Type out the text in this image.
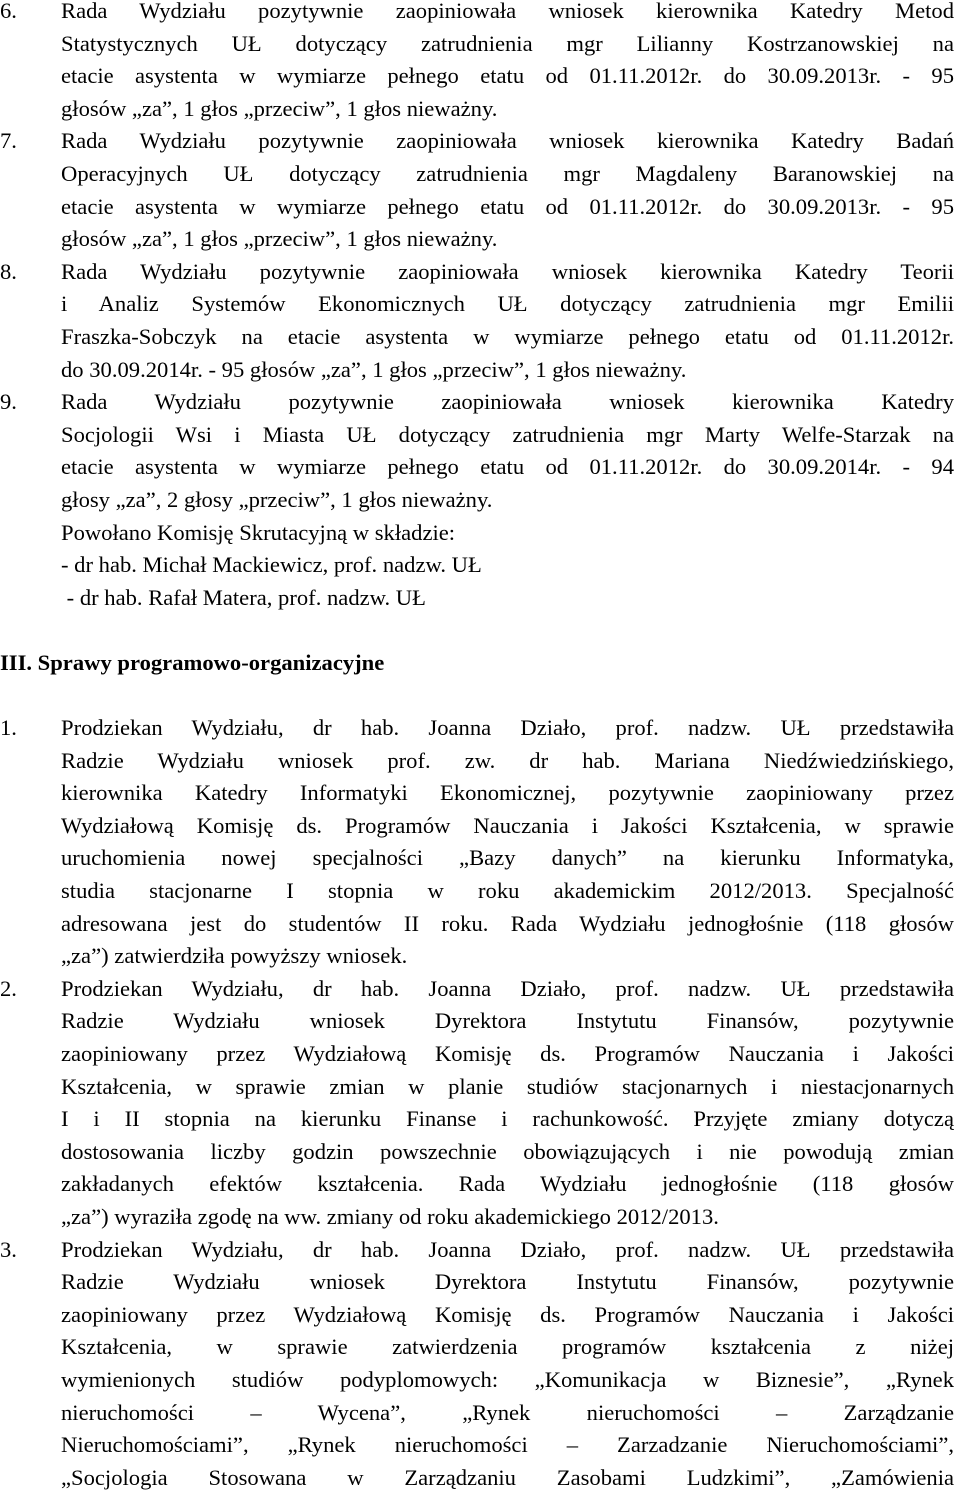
6. Rada Wydziału pozytywnie zaopiniowała wniosek kierownika Katedry Metod
Statystycznych UŁ dotyczący zatrudnienia mgr Lilianny Kostrzanowskiej na
etacie asystenta w wymiarze pełnego etatu od 01.11.2012r. do 30.09.2013r. - 95
głosów „za”, 1 głos „przeciw”, 1 głos nieważny.
7. Rada Wydziału pozytywnie zaopiniowała wniosek kierownika Katedry Badań
Operacyjnych UŁ dotyczący zatrudnienia mgr Magdaleny Baranowskiej na
etacie asystenta w wymiarze pełnego etatu od 01.11.2012r. do 30.09.2013r. - 95
głosów „za”, 1 głos „przeciw”, 1 głos nieważny.
8. Rada Wydziału pozytywnie zaopiniowała wniosek kierownika Katedry Teorii
i Analiz Systemów Ekonomicznych UŁ dotyczący zatrudnienia mgr Emilii
Fraszka-Sobczyk na etacie asystenta w wymiarze pełnego etatu od 01.11.2012r.
do 30.09.2014r. - 95 głosów „za”, 1 głos „przeciw”, 1 głos nieważny.
9. Rada Wydziału pozytywnie zaopiniowała wniosek kierownika Katedry
Socjologii Wsi i Miasta UŁ dotyczący zatrudnienia mgr Marty Welfe-Starzak na
etacie asystenta w wymiarze pełnego etatu od 01.11.2012r. do 30.09.2014r. - 94
głosy „za”, 2 głosy „przeciw”, 1 głos nieważny.
Powołano Komisję Skrutacyjną w składzie:
- dr hab. Michał Mackiewicz, prof. nadzw. UŁ
- dr hab. Rafał Matera, prof. nadzw. UŁ
III. Sprawy programowo-organizacyjne
1. Prodziekan Wydziału, dr hab. Joanna Działo, prof. nadzw. UŁ przedstawiła
Radzie Wydziału wniosek prof. zw. dr hab. Mariana Niedźwiedzińskiego,
kierownika Katedry Informatyki Ekonomicznej, pozytywnie zaopiniowany przez
Wydziałową Komisję ds. Programów Nauczania i Jakości Kształcenia, w sprawie
uruchomienia nowej specjalności „Bazy danych” na kierunku Informatyka,
studia stacjonarne I stopnia w roku akademickim 2012/2013. Specjalność
adresowana jest do studentów II roku. Rada Wydziału jednogłośnie (118 głosów
„za”) zatwierdziła powyższy wniosek.
2. Prodziekan Wydziału, dr hab. Joanna Działo, prof. nadzw. UŁ przedstawiła
Radzie Wydziału wniosek Dyrektora Instytutu Finansów, pozytywnie
zaopiniowany przez Wydziałową Komisję ds. Programów Nauczania i Jakości
Kształcenia, w sprawie zmian w planie studiów stacjonarnych i niestacjonarnych
I i II stopnia na kierunku Finanse i rachunkowość. Przyjęte zmiany dotyczą
dostosowania liczby godzin powszechnie obowiązujących i nie powodują zmian
zakładanych efektów kształcenia. Rada Wydziału jednogłośnie (118 głosów
„za”) wyraziła zgodę na ww. zmiany od roku akademickiego 2012/2013.
3. Prodziekan Wydziału, dr hab. Joanna Działo, prof. nadzw. UŁ przedstawiła
Radzie Wydziału wniosek Dyrektora Instytutu Finansów, pozytywnie
zaopiniowany przez Wydziałową Komisję ds. Programów Nauczania i Jakości
Kształcenia, w sprawie zatwierdzenia programów kształcenia z niżej
wymienionych studiów podyplomowych: „Komunikacja w Biznesie”, „Rynek
nieruchomości – Wycena”, „Rynek nieruchomości – Zarządzanie
Nieruchomościami”, „Rynek nieruchomości – Zarzadzanie Nieruchomościami”,
„Socjologia Stosowana w Zarządzaniu Zasobami Ludzkimi”, „Zamówienia
